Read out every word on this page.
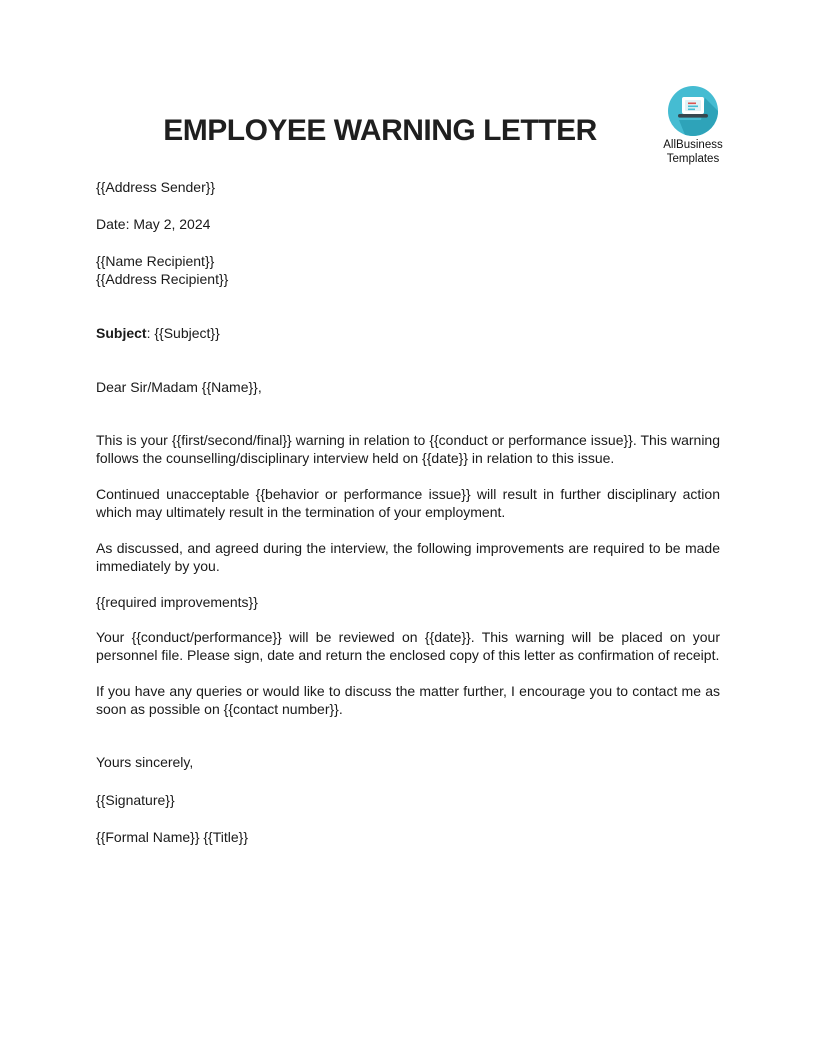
EMPLOYEE WARNING LETTER	AllBusiness
Templates

{{Address Sender}}

Date: May 2, 2024

{{Name Recipient}}

{{Address Recipient}}

Subject: {{Subject}}

Dear Sir/Madam {{Name}},

This is your {{first/second/final}} warning in relation to {{conduct or performance issue}}. This warning follows the counselling/disciplinary interview held on {{date}} in relation to this issue.

Continued unacceptable {{behavior or performance issue}} will result in further disciplinary action which may ultimately result in the termination of your employment.

As discussed, and agreed during the interview, the following improvements are required to be made immediately by you.

{{required improvements}}

Your {{conduct/performance}} will be reviewed on {{date}}. This warning will be placed on your personnel file. Please sign, date and return the enclosed copy of this letter as confirmation of receipt.

If you have any queries or would like to discuss the matter further, I encourage you to contact me as soon as possible on {{contact number}}.

Yours sincerely,

{{Signature}}

{{Formal Name}} {{Title}}
